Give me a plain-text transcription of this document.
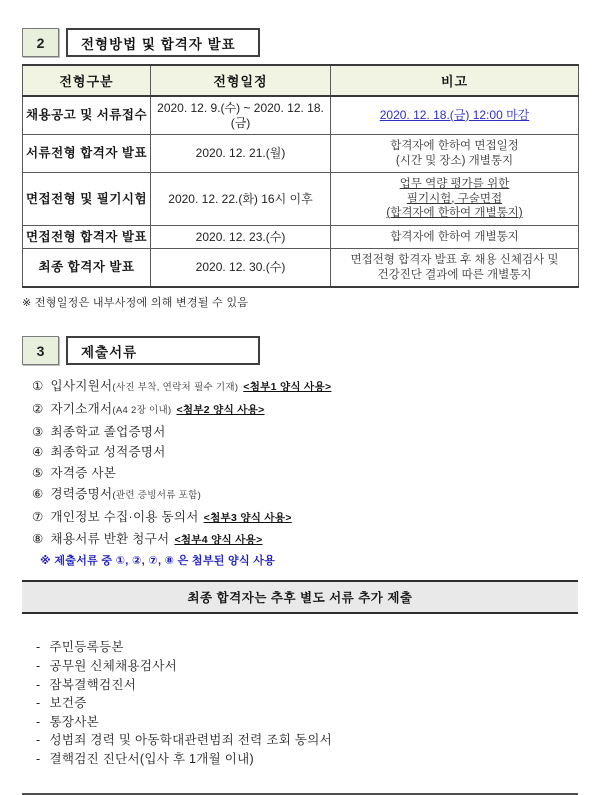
2	전형방법 및 합격자 발표
전형구분	전형일정	비고
채용공고 및 서류접수	2020. 12. 9.(수) ~ 2020. 12. 18.(금)	2020. 12. 18.(금) 12:00 마감
서류전형 합격자 발표	2020. 12. 21.(월)	합격자에 한하여 면접일정
(시간 및 장소) 개별통지

면접전형 및 필기시험	2020. 12. 22.(화) 16시 이후	업무 역량 평가를 위한
필기시험, 구술면접
(합격자에 한하여 개별통지)

면접전형 합격자 발표	2020. 12. 23.(수)	합격자에 한하여 개별통지

최종 합격자 발표	2020. 12. 30.(수)	면접전형 합격자 발표 후 채용 신체검사 및
건강진단 결과에 따른 개별통지
※ 전형일정은 내부사정에 의해 변경될 수 있음
3	제출서류
① 입사지원서(사진 부착, 연락처 필수 기재) <첨부1 양식 사용>
② 자기소개서(A4 2장 이내) <첨부2 양식 사용>
③ 최종학교 졸업증명서
④ 최종학교 성적증명서
⑤ 자격증 사본
⑥ 경력증명서(관련 증빙서류 포함)
⑦ 개인정보 수집·이용 동의서 <첨부3 양식 사용>
⑧ 채용서류 반환 청구서 <첨부4 양식 사용>
※ 제출서류 중 ①, ②, ⑦, ⑧ 은 첨부된 양식 사용
최종 합격자는 추후 별도 서류 추가 제출
- 주민등록등본
- 공무원 신체채용검사서
- 잠복결핵검진서
- 보건증
- 통장사본
- 성범죄 경력 및 아동학대관련범죄 전력 조회 동의서
- 결핵검진 진단서(입사 후 1개월 이내)
